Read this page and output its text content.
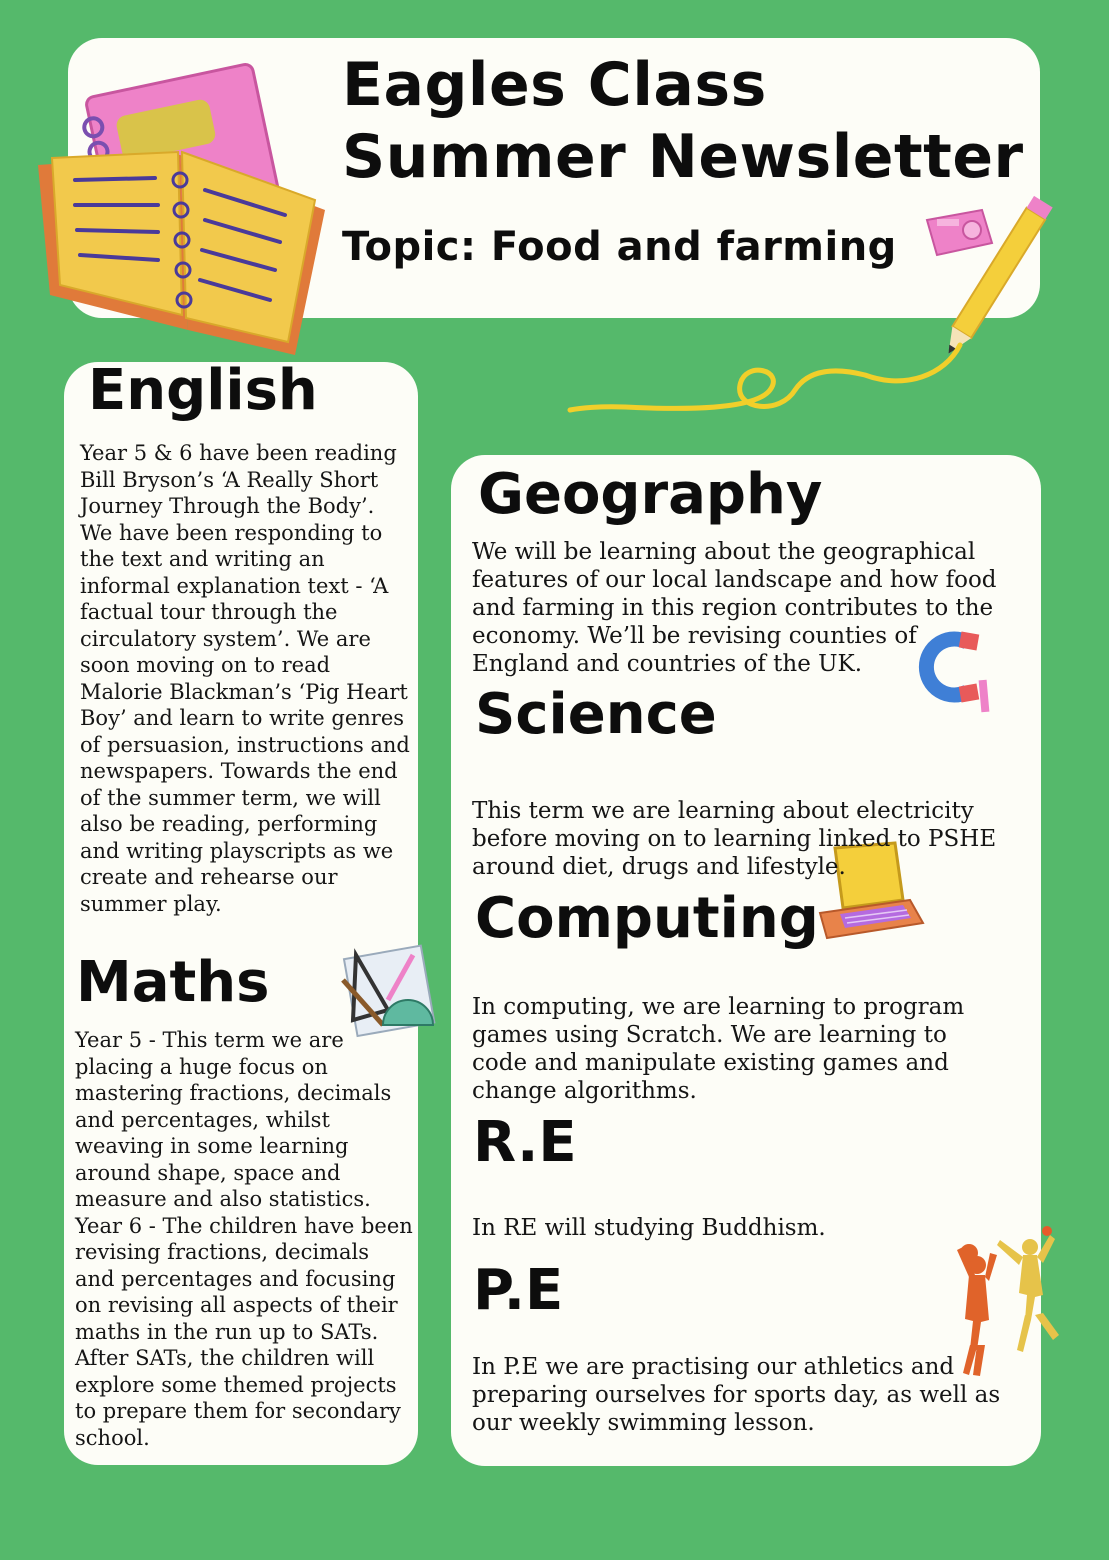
Eagles Class
Summer Newsletter
Topic: Food and farming
English
Year 5 & 6 have been reading Bill Bryson’s ‘A Really Short Journey Through the Body’. We have been responding to the text and writing an informal explanation text - ‘A factual tour through the circulatory system’. We are soon moving on to read Malorie Blackman’s ‘Pig Heart Boy’ and learn to write genres of persuasion, instructions and newspapers. Towards the end of the summer term, we will also be reading, performing and writing playscripts as we create and rehearse our summer play.
Maths
Year 5 - This term we are placing a huge focus on mastering fractions, decimals and percentages, whilst weaving in some learning around shape, space and measure and also statistics. Year 6 - The children have been revising fractions, decimals and percentages and focusing on revising all aspects of their maths in the run up to SATs. After SATs, the children will explore some themed projects to prepare them for secondary school.
Geography
We will be learning about the geographical features of our local landscape and how food and farming in this region contributes to the economy. We’ll be revising counties of England and countries of the UK.
Science
This term we are learning about electricity before moving on to learning linked to PSHE around diet, drugs and lifestyle.
Computing
In computing, we are learning to program games using Scratch. We are learning to code and manipulate existing games and change algorithms.
R.E
In RE will studying Buddhism.
P.E
In P.E we are practising our athletics and preparing ourselves for sports day, as well as our weekly swimming lesson.
